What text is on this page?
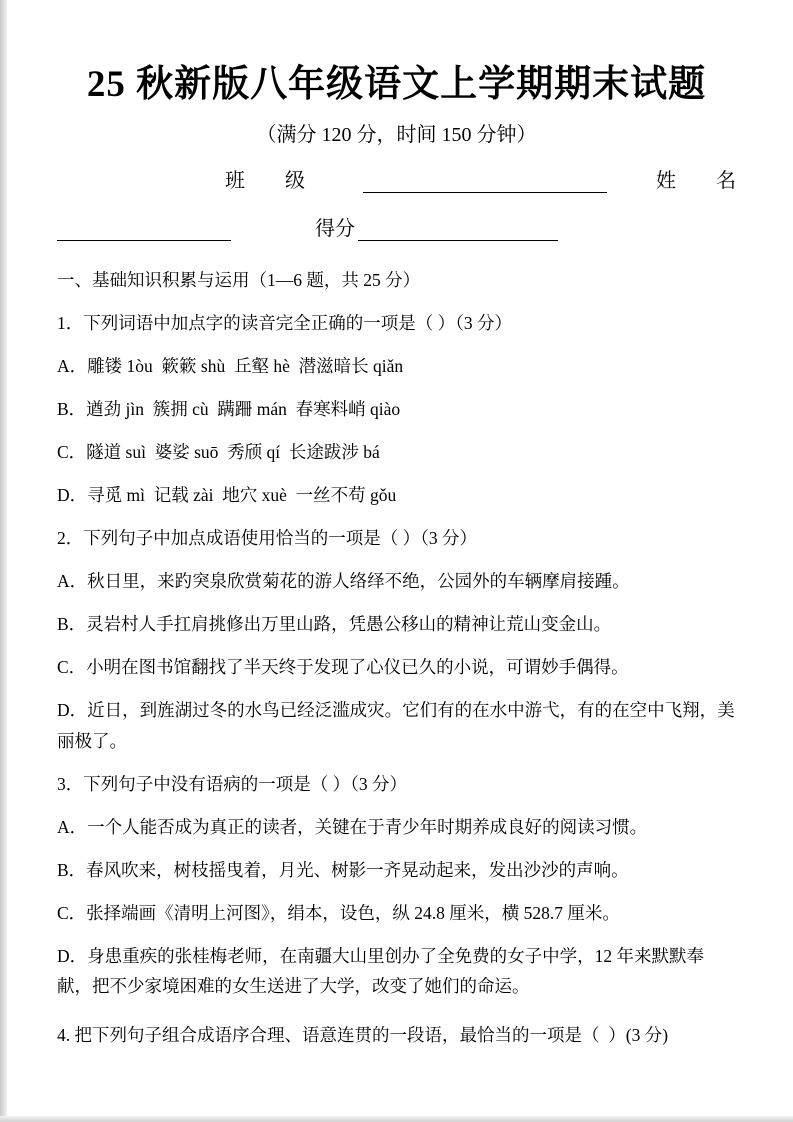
25 秋新版八年级语文上学期期末试题
（满分 120 分，时间 150 分钟）
班　　级	姓　　名
得分

一、基础知识积累与运用（1—6 题，共 25 分）

1．下列词语中加点字的读音完全正确的一项是（ ）（3 分）

A．雕镂 1òu  簌簌 shù  丘壑 hè  潜滋暗长 qiǎn

B．遒劲 jìn  簇拥 cù  蹒跚 mán  春寒料峭 qiào

C．隧道 suì  婆娑 suō  秀颀 qí  长途跋涉 bá

D．寻觅 mì  记载 zài  地穴 xuè  一丝不苟 gǒu

2．下列句子中加点成语使用恰当的一项是（ ）（3 分）

A．秋日里，来趵突泉欣赏菊花的游人络绎不绝，公园外的车辆摩肩接踵。

B．灵岩村人手扛肩挑修出万里山路，凭愚公移山的精神让荒山变金山。

C．小明在图书馆翻找了半天终于发现了心仪已久的小说，可谓妙手偶得。

D．近日，到旌湖过冬的水鸟已经泛滥成灾。它们有的在水中游弋，有的在空中飞翔，美丽极了。

3．下列句子中没有语病的一项是（ ）（3 分）

A．一个人能否成为真正的读者，关键在于青少年时期养成良好的阅读习惯。

B．春风吹来，树枝摇曳着，月光、树影一齐晃动起来，发出沙沙的声响。

C．张择端画《清明上河图》，绢本，设色，纵 24.8 厘米，横 528.7 厘米。

D．身患重疾的张桂梅老师，在南疆大山里创办了全免费的女子中学，12 年来默默奉献，把不少家境困难的女生送进了大学，改变了她们的命运。

4. 把下列句子组合成语序合理、语意连贯的一段语，最恰当的一项是（  ）(3 分)
